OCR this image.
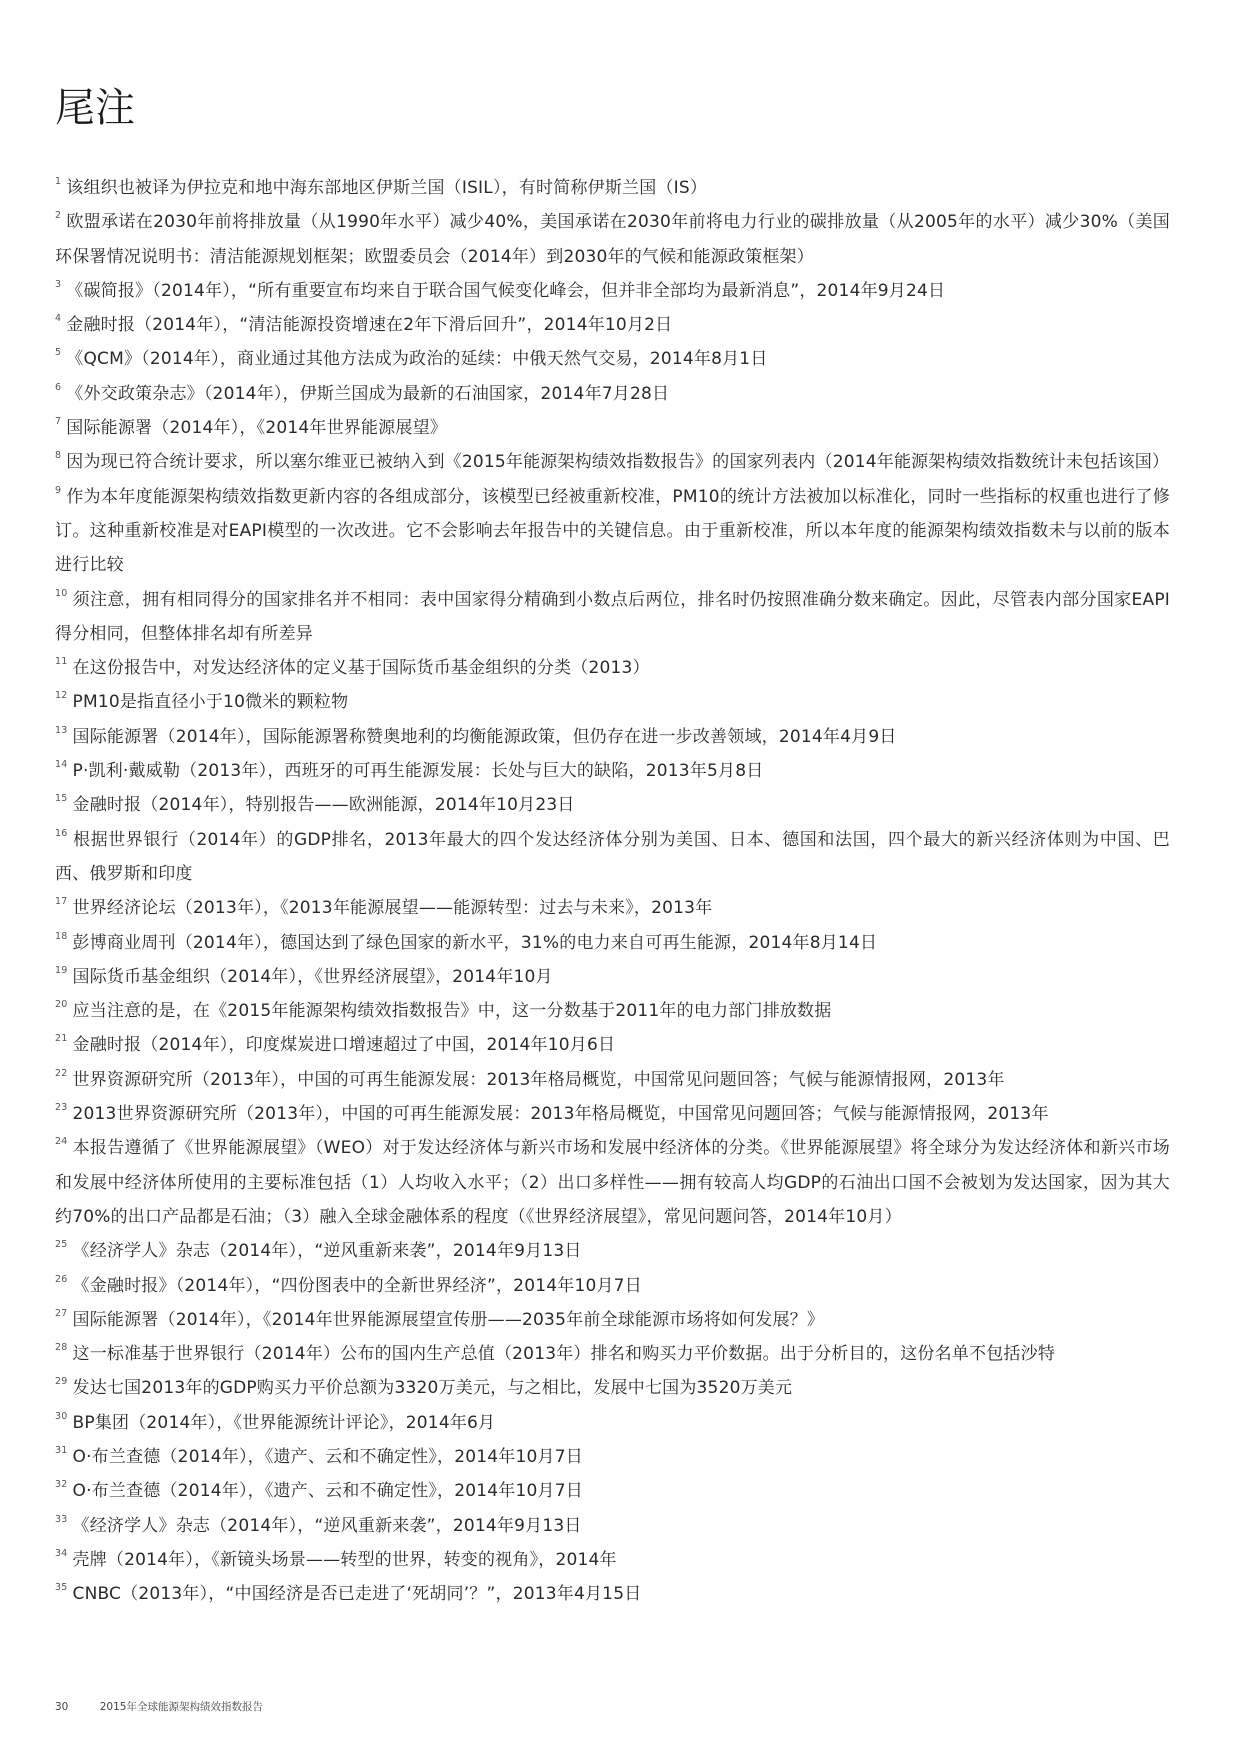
尾注
$^1$ 该组织也被译为伊拉克和地中海东部地区伊斯兰国（ISIL），有时简称伊斯兰国（IS）
$^2$ 欧盟承诺在2030年前将排放量（从1990年水平）减少40%，美国承诺在2030年前将电力行业的碳排放量（从2005年的水平）减少30%（美国环保署情况说明书：清洁能源规划框架；欧盟委员会（2014年）到2030年的气候和能源政策框架）
$^3$ 《碳简报》（2014年），“所有重要宣布均来自于联合国气候变化峰会，但并非全部均为最新消息”，2014年9月24日
$^4$ 金融时报（2014年），“清洁能源投资增速在2年下滑后回升”，2014年10月2日
$^5$ 《QCM》（2014年），商业通过其他方法成为政治的延续：中俄天然气交易，2014年8月1日
$^6$ 《外交政策杂志》（2014年），伊斯兰国成为最新的石油国家，2014年7月28日
$^7$ 国际能源署（2014年），《2014年世界能源展望》
$^8$ 因为现已符合统计要求，所以塞尔维亚已被纳入到《2015年能源架构绩效指数报告》的国家列表内（2014年能源架构绩效指数统计未包括该国）
$^9$ 作为本年度能源架构绩效指数更新内容的各组成部分，该模型已经被重新校准，PM10的统计方法被加以标准化，同时一些指标的权重也进行了修订。这种重新校准是对EAPI模型的一次改进。它不会影响去年报告中的关键信息。由于重新校准，所以本年度的能源架构绩效指数未与以前的版本进行比较
$^{10}$ 须注意，拥有相同得分的国家排名并不相同：表中国家得分精确到小数点后两位，排名时仍按照准确分数来确定。因此，尽管表内部分国家EAPI得分相同，但整体排名却有所差异
$^{11}$ 在这份报告中，对发达经济体的定义基于国际货币基金组织的分类（2013）
$^{12}$ PM10是指直径小于10微米的颗粒物
$^{13}$ 国际能源署（2014年），国际能源署称赞奥地利的均衡能源政策，但仍存在进一步改善领域，2014年4月9日
$^{14}$ P·凯利·戴威勒（2013年），西班牙的可再生能源发展：长处与巨大的缺陷，2013年5月8日
$^{15}$ 金融时报（2014年），特别报告——欧洲能源，2014年10月23日
$^{16}$ 根据世界银行（2014年）的GDP排名，2013年最大的四个发达经济体分别为美国、日本、德国和法国，四个最大的新兴经济体则为中国、巴西、俄罗斯和印度
$^{17}$ 世界经济论坛（2013年），《2013年能源展望——能源转型：过去与未来》，2013年
$^{18}$ 彭博商业周刊（2014年），德国达到了绿色国家的新水平，31%的电力来自可再生能源，2014年8月14日
$^{19}$ 国际货币基金组织（2014年），《世界经济展望》，2014年10月
$^{20}$ 应当注意的是，在《2015年能源架构绩效指数报告》中，这一分数基于2011年的电力部门排放数据
$^{21}$ 金融时报（2014年），印度煤炭进口增速超过了中国，2014年10月6日
$^{22}$ 世界资源研究所（2013年），中国的可再生能源发展：2013年格局概览，中国常见问题回答；气候与能源情报网，2013年
$^{23}$ 2013世界资源研究所（2013年），中国的可再生能源发展：2013年格局概览，中国常见问题回答；气候与能源情报网，2013年
$^{24}$ 本报告遵循了《世界能源展望》（WEO）对于发达经济体与新兴市场和发展中经济体的分类。《世界能源展望》将全球分为发达经济体和新兴市场和发展中经济体所使用的主要标准包括（1）人均收入水平；（2）出口多样性——拥有较高人均GDP的石油出口国不会被划为发达国家，因为其大约70%的出口产品都是石油；（3）融入全球金融体系的程度（《世界经济展望》，常见问题问答，2014年10月）
$^{25}$ 《经济学人》杂志（2014年），“逆风重新来袭”，2014年9月13日
$^{26}$ 《金融时报》（2014年），“四份图表中的全新世界经济”，2014年10月7日
$^{27}$ 国际能源署（2014年），《2014年世界能源展望宣传册——2035年前全球能源市场将如何发展？》
$^{28}$ 这一标准基于世界银行（2014年）公布的国内生产总值（2013年）排名和购买力平价数据。出于分析目的，这份名单不包括沙特
$^{29}$ 发达七国2013年的GDP购买力平价总额为3320万美元，与之相比，发展中七国为3520万美元
$^{30}$ BP集团（2014年），《世界能源统计评论》，2014年6月
$^{31}$ O·布兰查德（2014年），《遗产、云和不确定性》，2014年10月7日
$^{32}$ O·布兰查德（2014年），《遗产、云和不确定性》，2014年10月7日
$^{33}$ 《经济学人》杂志（2014年），“逆风重新来袭”，2014年9月13日
$^{34}$ 壳牌（2014年），《新镜头场景——转型的世界，转变的视角》，2014年
$^{35}$ CNBC（2013年），“中国经济是否已走进了‘死胡同’？”，2013年4月15日
30	2015年全球能源架构绩效指数报告
